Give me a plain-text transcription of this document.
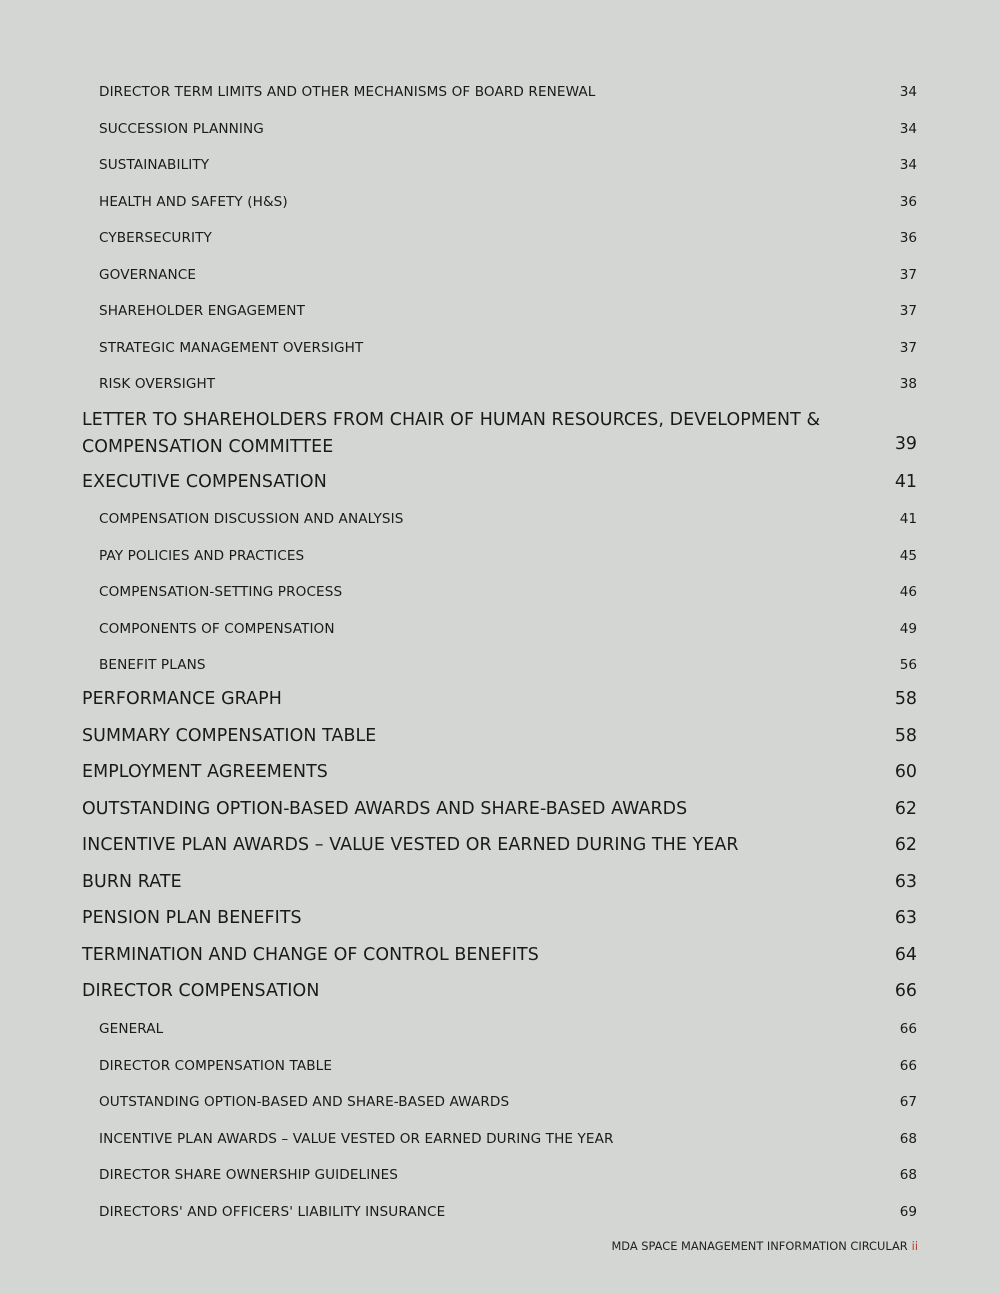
DIRECTOR TERM LIMITS AND OTHER MECHANISMS OF BOARD RENEWAL	34
SUCCESSION PLANNING	34
SUSTAINABILITY	34
HEALTH AND SAFETY (H&S)	36
CYBERSECURITY	36
GOVERNANCE	37
SHAREHOLDER ENGAGEMENT	37
STRATEGIC MANAGEMENT OVERSIGHT	37
RISK OVERSIGHT	38
LETTER TO SHAREHOLDERS FROM CHAIR OF HUMAN RESOURCES, DEVELOPMENT & COMPENSATION COMMITTEE	39
EXECUTIVE COMPENSATION	41
COMPENSATION DISCUSSION AND ANALYSIS	41
PAY POLICIES AND PRACTICES	45
COMPENSATION-SETTING PROCESS	46
COMPONENTS OF COMPENSATION	49
BENEFIT PLANS	56
PERFORMANCE GRAPH	58
SUMMARY COMPENSATION TABLE	58
EMPLOYMENT AGREEMENTS	60
OUTSTANDING OPTION-BASED AWARDS AND SHARE-BASED AWARDS	62
INCENTIVE PLAN AWARDS – VALUE VESTED OR EARNED DURING THE YEAR	62
BURN RATE	63
PENSION PLAN BENEFITS	63
TERMINATION AND CHANGE OF CONTROL BENEFITS	64
DIRECTOR COMPENSATION	66
GENERAL	66
DIRECTOR COMPENSATION TABLE	66
OUTSTANDING OPTION-BASED AND SHARE-BASED AWARDS	67
INCENTIVE PLAN AWARDS – VALUE VESTED OR EARNED DURING THE YEAR	68
DIRECTOR SHARE OWNERSHIP GUIDELINES	68
DIRECTORS' AND OFFICERS' LIABILITY INSURANCE	69
MDA SPACE MANAGEMENT INFORMATION CIRCULAR ii
